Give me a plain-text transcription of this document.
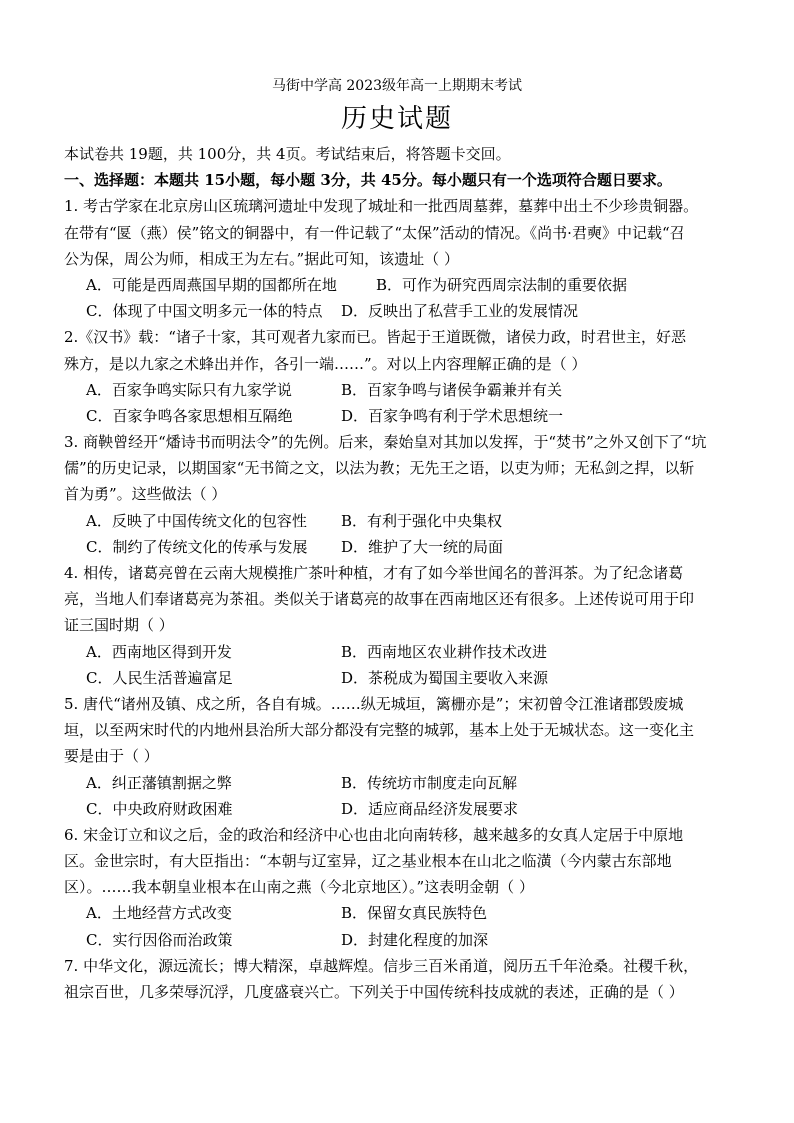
马街中学高 2023级年高一上期期末考试
历史试题
本试卷共 19题，共 100分，共 4页。考试结束后，将答题卡交回。
一、选择题：本题共 15小题，每小题 3分，共 45分。每小题只有一个选项符合题日要求。
1. 考古学家在北京房山区琉璃河遗址中发现了城址和一批西周墓葬，墓葬中出土不少珍贵铜器。
在带有“匽（燕）侯”铭文的铜器中，有一件记载了“太保”活动的情况。《尚书·君奭》中记载“召
公为保，周公为师，相成王为左右。”据此可知，该遗址（ ）
A．可能是西周燕国早期的国都所在地	B．可作为研究西周宗法制的重要依据
C．体现了中国文明多元一体的特点	D．反映出了私营手工业的发展情况
2.《汉书》载：“诸子十家，其可观者九家而已。皆起于王道既微，诸侯力政，时君世主，好恶
殊方，是以九家之术蜂出并作，各引一端……”。对以上内容理解正确的是（ ）
A．百家争鸣实际只有九家学说	B．百家争鸣与诸侯争霸兼并有关
C．百家争鸣各家思想相互隔绝	D．百家争鸣有利于学术思想统一
3. 商鞅曾经开“燔诗书而明法令”的先例。后来，秦始皇对其加以发挥，于“焚书”之外又创下了“坑
儒”的历史记录，以期国家“无书简之文，以法为教；无先王之语，以吏为师；无私剑之捍，以斩
首为勇”。这些做法（ ）
A．反映了中国传统文化的包容性	B．有利于强化中央集权
C．制约了传统文化的传承与发展	D．维护了大一统的局面
4. 相传，诸葛亮曾在云南大规模推广茶叶种植，才有了如今举世闻名的普洱茶。为了纪念诸葛
亮，当地人们奉诸葛亮为茶祖。类似关于诸葛亮的故事在西南地区还有很多。上述传说可用于印
证三国时期（ ）
A．西南地区得到开发	B．西南地区农业耕作技术改进
C．人民生活普遍富足	D．茶税成为蜀国主要收入来源
5. 唐代“诸州及镇、戍之所，各自有城。……纵无城垣，篱栅亦是”；宋初曾令江淮诸郡毁废城
垣，以至两宋时代的内地州县治所大部分都没有完整的城郭，基本上处于无城状态。这一变化主
要是由于（ ）
A．纠正藩镇割据之弊	B．传统坊市制度走向瓦解
C．中央政府财政困难	D．适应商品经济发展要求
6. 宋金订立和议之后，金的政治和经济中心也由北向南转移，越来越多的女真人定居于中原地
区。金世宗时，有大臣指出：“本朝与辽室异，辽之基业根本在山北之临潢（今内蒙古东部地
区）。……我本朝皇业根本在山南之燕（今北京地区）。”这表明金朝（ ）
A．土地经营方式改变	B．保留女真民族特色
C．实行因俗而治政策	D．封建化程度的加深
7. 中华文化，源远流长；博大精深，卓越辉煌。信步三百米甬道，阅历五千年沧桑。社稷千秋，
祖宗百世，几多荣辱沉浮，几度盛衰兴亡。下列关于中国传统科技成就的表述，正确的是（ ）
